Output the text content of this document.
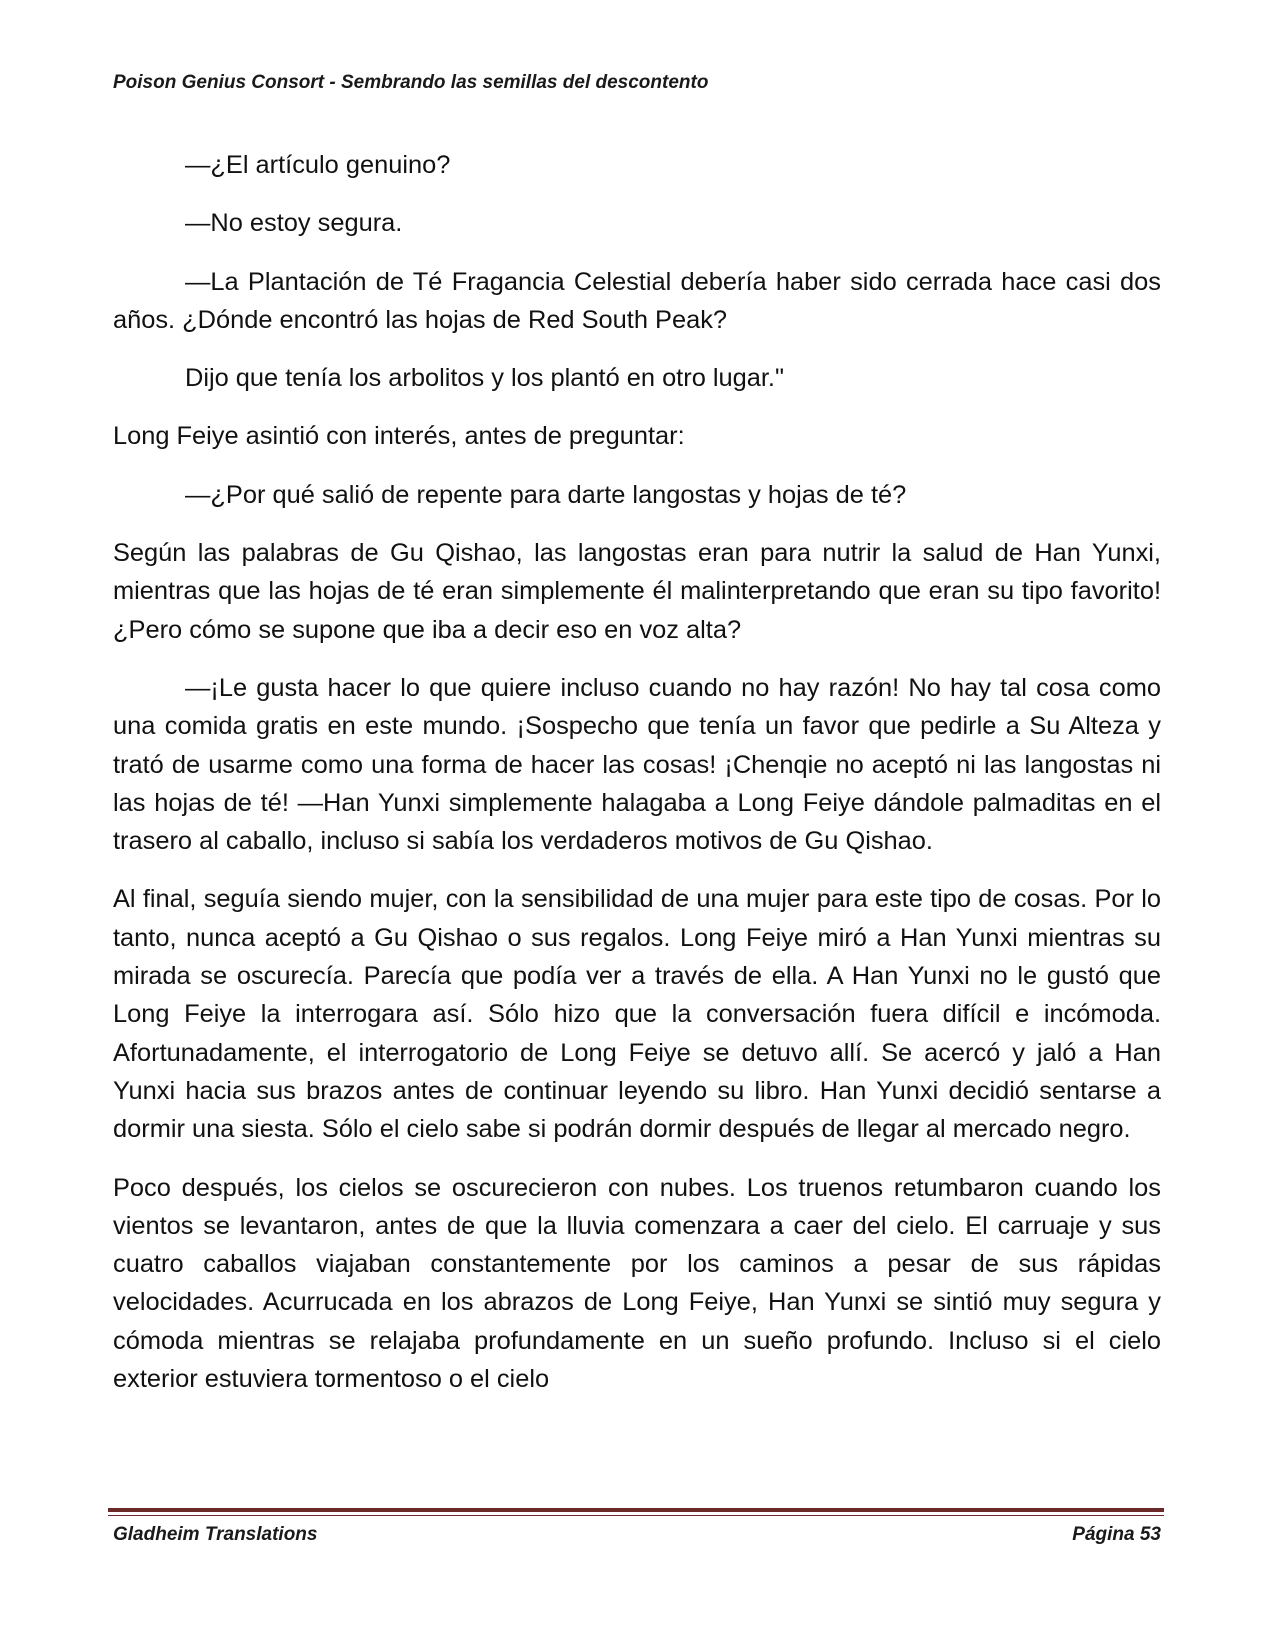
Poison Genius Consort - Sembrando las semillas del descontento

—¿El artículo genuino?

—No estoy segura.

—La Plantación de Té Fragancia Celestial debería haber sido cerrada hace casi dos años. ¿Dónde encontró las hojas de Red South Peak?

Dijo que tenía los arbolitos y los plantó en otro lugar."

Long Feiye asintió con interés, antes de preguntar:

—¿Por qué salió de repente para darte langostas y hojas de té?

Según las palabras de Gu Qishao, las langostas eran para nutrir la salud de Han Yunxi, mientras que las hojas de té eran simplemente él malinterpretando que eran su tipo favorito!¿Pero cómo se supone que iba a decir eso en voz alta?

—¡Le gusta hacer lo que quiere incluso cuando no hay razón! No hay tal cosa como una comida gratis en este mundo. ¡Sospecho que tenía un favor que pedirle a Su Alteza y trató de usarme como una forma de hacer las cosas! ¡Chenqie no aceptó ni las langostas ni las hojas de té! —Han Yunxi simplemente halagaba a Long Feiye dándole palmaditas en el trasero al caballo, incluso si sabía los verdaderos motivos de Gu Qishao.

Al final, seguía siendo mujer, con la sensibilidad de una mujer para este tipo de cosas. Por lo tanto, nunca aceptó a Gu Qishao o sus regalos. Long Feiye miró a Han Yunxi mientras su mirada se oscurecía. Parecía que podía ver a través de ella. A Han Yunxi no le gustó que Long Feiye la interrogara así. Sólo hizo que la conversación fuera difícil e incómoda. Afortunadamente, el interrogatorio de Long Feiye se detuvo allí. Se acercó y jaló a Han Yunxi hacia sus brazos antes de continuar leyendo su libro. Han Yunxi decidió sentarse a dormir una siesta. Sólo el cielo sabe si podrán dormir después de llegar al mercado negro.

Poco después, los cielos se oscurecieron con nubes. Los truenos retumbaron cuando los vientos se levantaron, antes de que la lluvia comenzara a caer del cielo. El carruaje y sus cuatro caballos viajaban constantemente por los caminos a pesar de sus rápidas velocidades. Acurrucada en los abrazos de Long Feiye, Han Yunxi se sintió muy segura y cómoda mientras se relajaba profundamente en un sueño profundo. Incluso si el cielo exterior estuviera tormentoso o el cielo

Gladheim Translations	Página 53
